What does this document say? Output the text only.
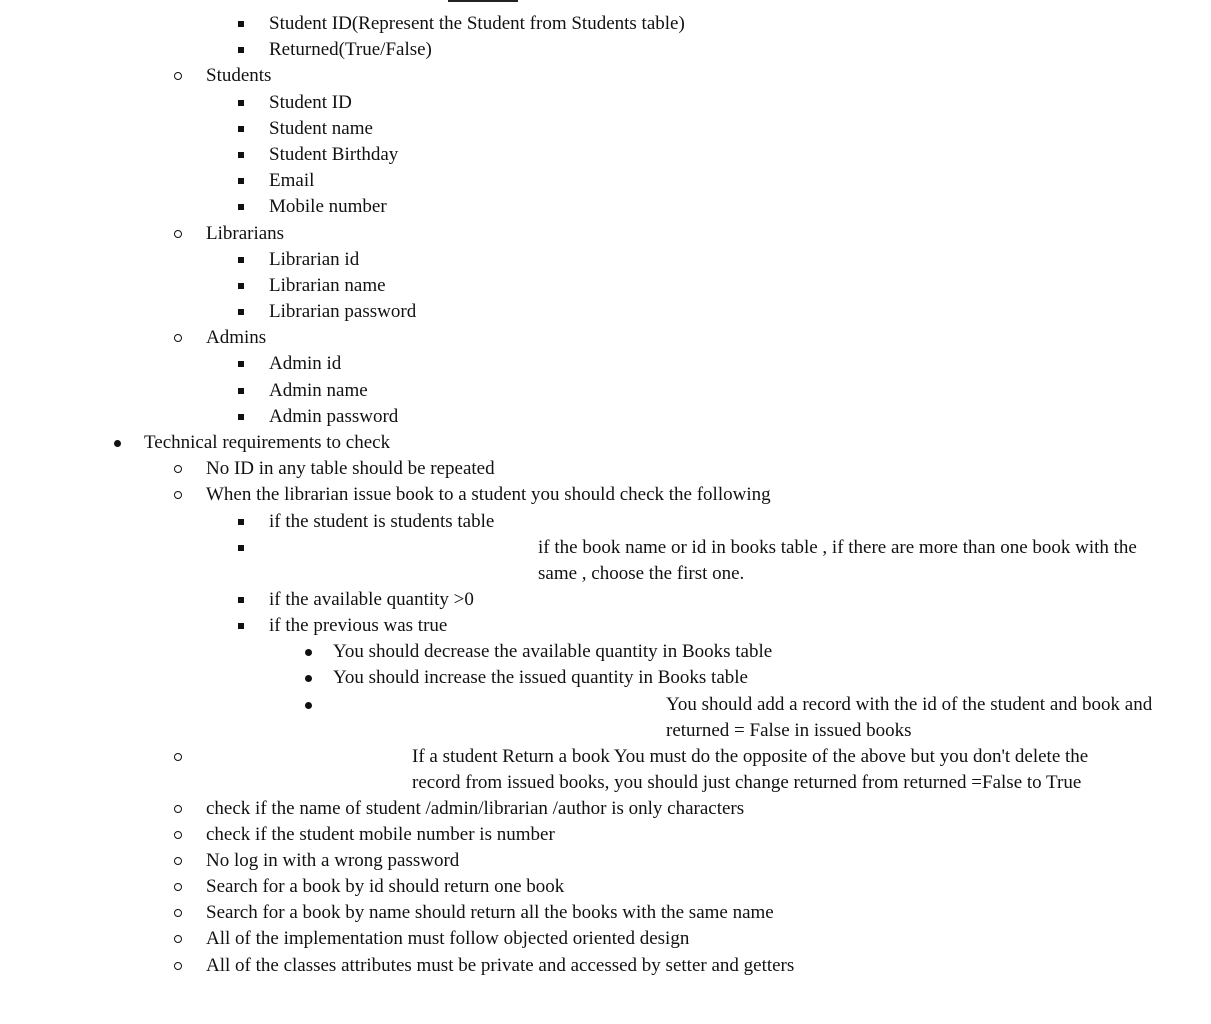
Student ID(Represent the Student from Students table)
Returned(True/False)
Students
Student ID
Student name
Student Birthday
Email
Mobile number
Librarians
Librarian id
Librarian name
Librarian password
Admins
Admin id
Admin name
Admin password
Technical requirements to check
No ID in any table should be repeated
When the librarian issue book to a student you should check the following
if the student is students table
if the book name or id in books table , if there are more than one book with the same , choose the first one.
if the available quantity >0
if the previous was true
You should decrease the available quantity in Books table
You should increase the issued quantity in Books table
You should add a record with the id of the student and book and returned = False in issued books
If a student Return a book You must do the opposite of the above but you don't delete the record from issued books, you should just change returned from returned =False to True
check if the name of student /admin/librarian /author is only characters
check if the student mobile number is number
No log in with a wrong password
Search for a book by id should return one book
Search for a book by name should return all the books with the same name
All of the implementation must follow objected oriented design
All of the classes attributes must be private and accessed by setter and getters
